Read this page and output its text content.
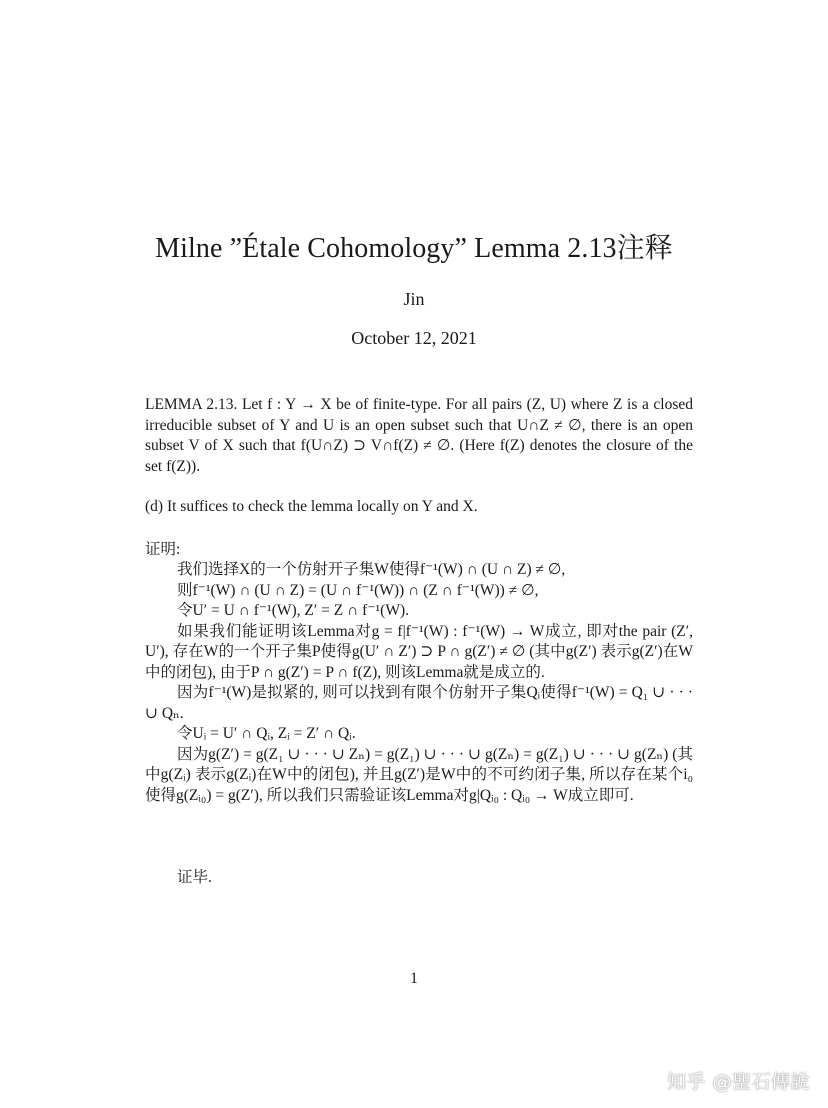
Milne ”Étale Cohomology” Lemma 2.13注释
Jin
October 12, 2021

LEMMA 2.13. Let f : Y → X be of finite-type. For all pairs (Z, U) where Z is a closed irreducible subset of Y and U is an open subset such that U∩Z ≠ ∅, there is an open subset V of X such that f(U∩Z) ⊃ V∩f(Z) ≠ ∅. (Here f(Z) denotes the closure of the set f(Z)).

(d) It suffices to check the lemma locally on Y and X.

证明:

我们选择X的一个仿射开子集W使得f⁻¹(W) ∩ (U ∩ Z) ≠ ∅,

则f⁻¹(W) ∩ (U ∩ Z) = (U ∩ f⁻¹(W)) ∩ (Z ∩ f⁻¹(W)) ≠ ∅,

令U′ = U ∩ f⁻¹(W), Z′ = Z ∩ f⁻¹(W).

如果我们能证明该Lemma对g = f|f⁻¹(W) : f⁻¹(W) → W成立, 即对the pair (Z′, U′), 存在W的一个开子集P使得g(U′ ∩ Z′) ⊃ P ∩ g(Z′) ≠ ∅ (其中g(Z′) 表示g(Z′)在W中的闭包), 由于P ∩ g(Z′) = P ∩ f(Z), 则该Lemma就是成立的.

因为f⁻¹(W)是拟紧的, 则可以找到有限个仿射开子集Qᵢ使得f⁻¹(W) = Q₁ ∪ · · · ∪ Qₙ.

令Uᵢ = U′ ∩ Qᵢ, Zᵢ = Z′ ∩ Qᵢ.

因为g(Z′) = g(Z₁ ∪ · · · ∪ Zₙ) = g(Z₁) ∪ · · · ∪ g(Zₙ) = g(Z₁) ∪ · · · ∪ g(Zₙ) (其中g(Zᵢ) 表示g(Zᵢ)在W中的闭包), 并且g(Z′)是W中的不可约闭子集, 所以存在某个i₀使得g(Zᵢ₀) = g(Z′), 所以我们只需验证该Lemma对g|Qᵢ₀ : Qᵢ₀ → W成立即可.

证毕.

1
知乎 @聖石傳說
